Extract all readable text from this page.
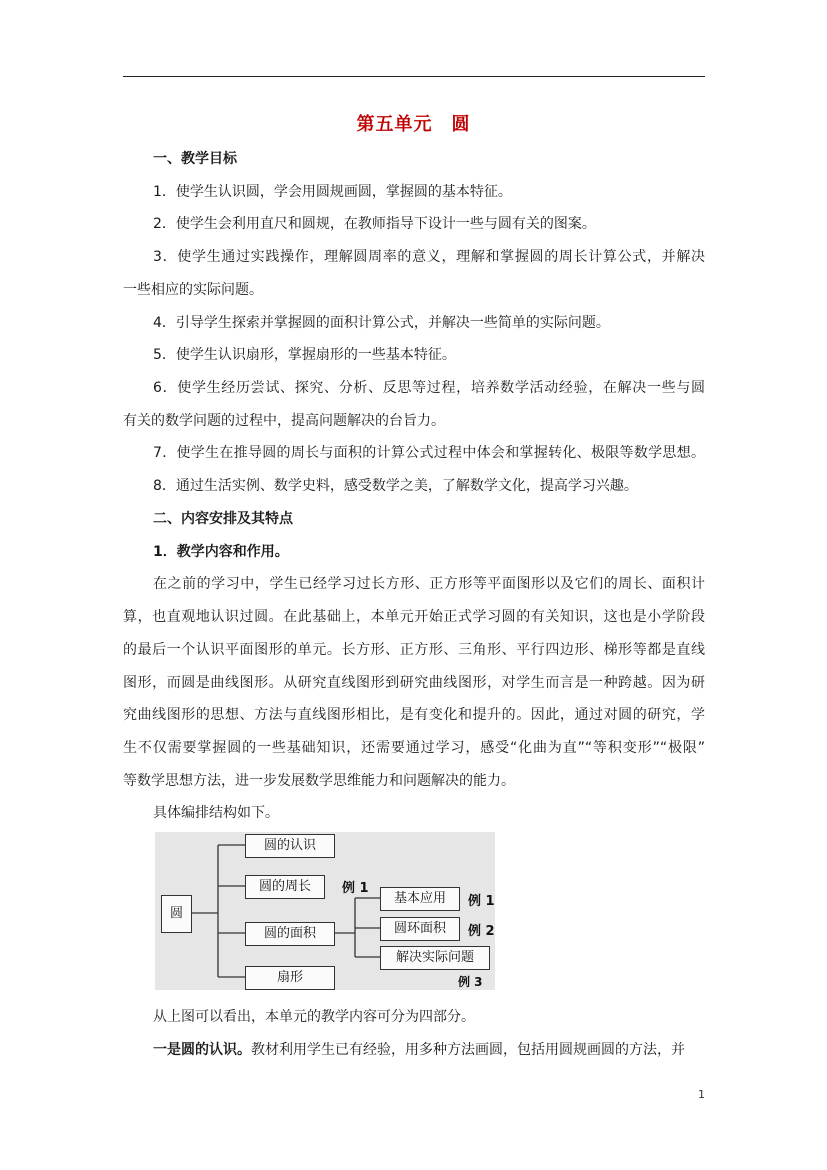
第五单元　圆
一、教学目标
1．使学生认识圆，学会用圆规画圆，掌握圆的基本特征。
2．使学生会利用直尺和圆规，在教师指导下设计一些与圆有关的图案。
3．使学生通过实践操作，理解圆周率的意义，理解和掌握圆的周长计算公式，并解决
一些相应的实际问题。
4．引导学生探索并掌握圆的面积计算公式，并解决一些简单的实际问题。
5．使学生认识扇形，掌握扇形的一些基本特征。
6．使学生经历尝试、探究、分析、反思等过程，培养数学活动经验，在解决一些与圆
有关的数学问题的过程中，提高问题解决的台旨力。
7．使学生在推导圆的周长与面积的计算公式过程中体会和掌握转化、极限等数学思想。
8．通过生活实例、数学史料，感受数学之美，了解数学文化，提高学习兴趣。
二、内容安排及其特点
1．教学内容和作用。
在之前的学习中，学生已经学习过长方形、正方形等平面图形以及它们的周长、面积计
算，也直观地认识过圆。在此基础上，本单元开始正式学习圆的有关知识，这也是小学阶段
的最后一个认识平面图形的单元。长方形、正方形、三角形、平行四边形、梯形等都是直线
图形，而圆是曲线图形。从研究直线图形到研究曲线图形，对学生而言是一种跨越。因为研
究曲线图形的思想、方法与直线图形相比，是有变化和提升的。因此，通过对圆的研究，学
生不仅需要掌握圆的一些基础知识，还需要通过学习，感受“化曲为直”“等积变形”“极限”
等数学思想方法，进一步发展数学思维能力和问题解决的能力。
具体编排结构如下。
圆
圆的认识
圆的周长
圆的面积
扇形
例 1
基本应用
圆环面积
解决实际问题
例 1
例 2
例 3
从上图可以看出，本单元的教学内容可分为四部分。
一是圆的认识。教材利用学生已有经验，用多种方法画圆，包括用圆规画圆的方法，并
1
